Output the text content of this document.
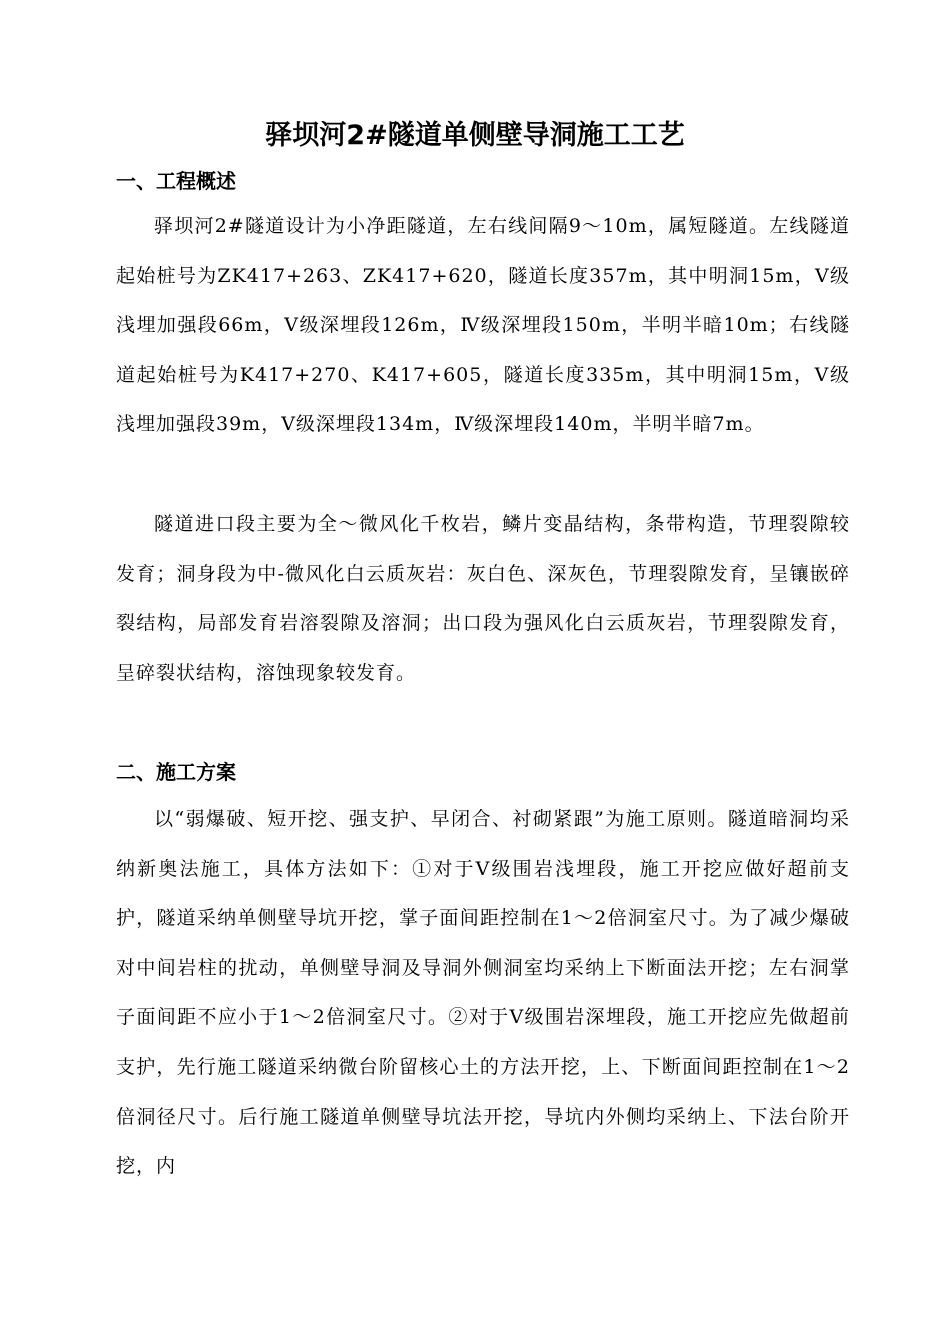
驿坝河2#隧道单侧壁导洞施工工艺
一、工程概述
驿坝河2#隧道设计为小净距隧道，左右线间隔9～10m，属短隧道。左线隧道起始桩号为ZK417+263、ZK417+620，隧道长度357m，其中明洞15m，Ⅴ级浅埋加强段66m，Ⅴ级深埋段126m，Ⅳ级深埋段150m，半明半暗10m；右线隧道起始桩号为K417+270、K417+605，隧道长度335m，其中明洞15m，Ⅴ级浅埋加强段39m，Ⅴ级深埋段134m，Ⅳ级深埋段140m，半明半暗7m。
隧道进口段主要为全～微风化千枚岩，鳞片变晶结构，条带构造，节理裂隙较发育；洞身段为中-微风化白云质灰岩：灰白色、深灰色，节理裂隙发育，呈镶嵌碎裂结构，局部发育岩溶裂隙及溶洞；出口段为强风化白云质灰岩，节理裂隙发育，呈碎裂状结构，溶蚀现象较发育。
二、施工方案
以“弱爆破、短开挖、强支护、早闭合、衬砌紧跟”为施工原则。隧道暗洞均采纳新奥法施工，具体方法如下：①对于V级围岩浅埋段，施工开挖应做好超前支护，隧道采纳单侧壁导坑开挖，掌子面间距控制在1～2倍洞室尺寸。为了减少爆破对中间岩柱的扰动，单侧壁导洞及导洞外侧洞室均采纳上下断面法开挖；左右洞掌子面间距不应小于1～2倍洞室尺寸。②对于V级围岩深埋段，施工开挖应先做超前支护，先行施工隧道采纳微台阶留核心土的方法开挖，上、下断面间距控制在1～2倍洞径尺寸。后行施工隧道单侧壁导坑法开挖，导坑内外侧均采纳上、下法台阶开挖，内
